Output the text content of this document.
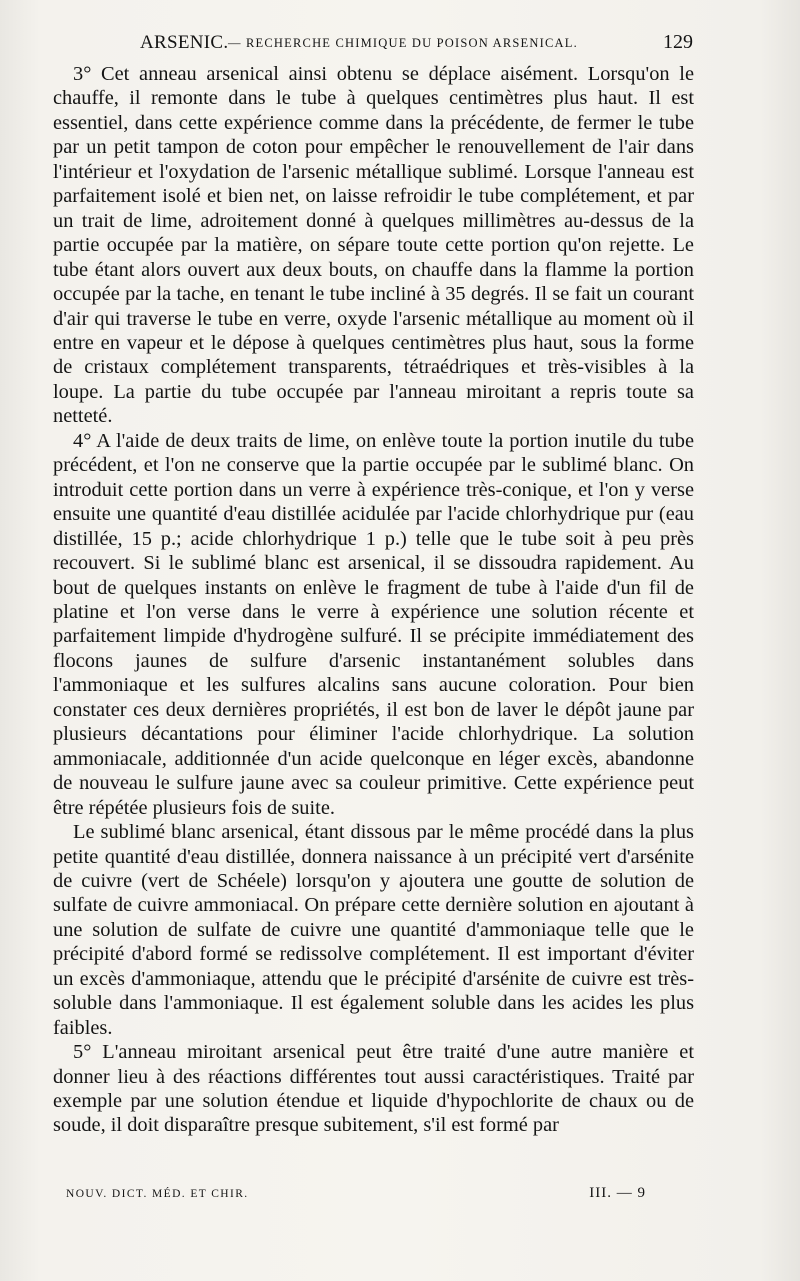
ARSENIC. — RECHERCHE CHIMIQUE DU POISON ARSENICAL.	129

3° Cet anneau arsenical ainsi obtenu se déplace aisément. Lorsqu'on le chauffe, il remonte dans le tube à quelques centimètres plus haut. Il est essentiel, dans cette expérience comme dans la précédente, de fermer le tube par un petit tampon de coton pour empêcher le renouvellement de l'air dans l'intérieur et l'oxydation de l'arsenic métallique sublimé. Lorsque l'anneau est parfaitement isolé et bien net, on laisse refroidir le tube complétement, et par un trait de lime, adroitement donné à quelques millimètres au-dessus de la partie occupée par la matière, on sépare toute cette portion qu'on rejette. Le tube étant alors ouvert aux deux bouts, on chauffe dans la flamme la portion occupée par la tache, en tenant le tube incliné à 35 degrés. Il se fait un courant d'air qui traverse le tube en verre, oxyde l'arsenic métallique au moment où il entre en vapeur et le dépose à quelques centimètres plus haut, sous la forme de cristaux complétement transparents, tétraédriques et très-visibles à la loupe. La partie du tube occupée par l'anneau miroitant a repris toute sa netteté.

4° A l'aide de deux traits de lime, on enlève toute la portion inutile du tube précédent, et l'on ne conserve que la partie occupée par le sublimé blanc. On introduit cette portion dans un verre à expérience très-conique, et l'on y verse ensuite une quantité d'eau distillée acidulée par l'acide chlorhydrique pur (eau distillée, 15 p.; acide chlorhydrique 1 p.) telle que le tube soit à peu près recouvert. Si le sublimé blanc est arsenical, il se dissoudra rapidement. Au bout de quelques instants on enlève le fragment de tube à l'aide d'un fil de platine et l'on verse dans le verre à expérience une solution récente et parfaitement limpide d'hydrogène sulfuré. Il se précipite immédiatement des flocons jaunes de sulfure d'arsenic instantanément solubles dans l'ammoniaque et les sulfures alcalins sans aucune coloration. Pour bien constater ces deux dernières propriétés, il est bon de laver le dépôt jaune par plusieurs décantations pour éliminer l'acide chlorhydrique. La solution ammoniacale, additionnée d'un acide quelconque en léger excès, abandonne de nouveau le sulfure jaune avec sa couleur primitive. Cette expérience peut être répétée plusieurs fois de suite.

Le sublimé blanc arsenical, étant dissous par le même procédé dans la plus petite quantité d'eau distillée, donnera naissance à un précipité vert d'arsénite de cuivre (vert de Schéele) lorsqu'on y ajoutera une goutte de solution de sulfate de cuivre ammoniacal. On prépare cette dernière solution en ajoutant à une solution de sulfate de cuivre une quantité d'ammoniaque telle que le précipité d'abord formé se redissolve complétement. Il est important d'éviter un excès d'ammoniaque, attendu que le précipité d'arsénite de cuivre est très-soluble dans l'ammoniaque. Il est également soluble dans les acides les plus faibles.

5° L'anneau miroitant arsenical peut être traité d'une autre manière et donner lieu à des réactions différentes tout aussi caractéristiques. Traité par exemple par une solution étendue et liquide d'hypochlorite de chaux ou de soude, il doit disparaître presque subitement, s'il est formé par

NOUV. DICT. MÉD. ET CHIR.	III. — 9
